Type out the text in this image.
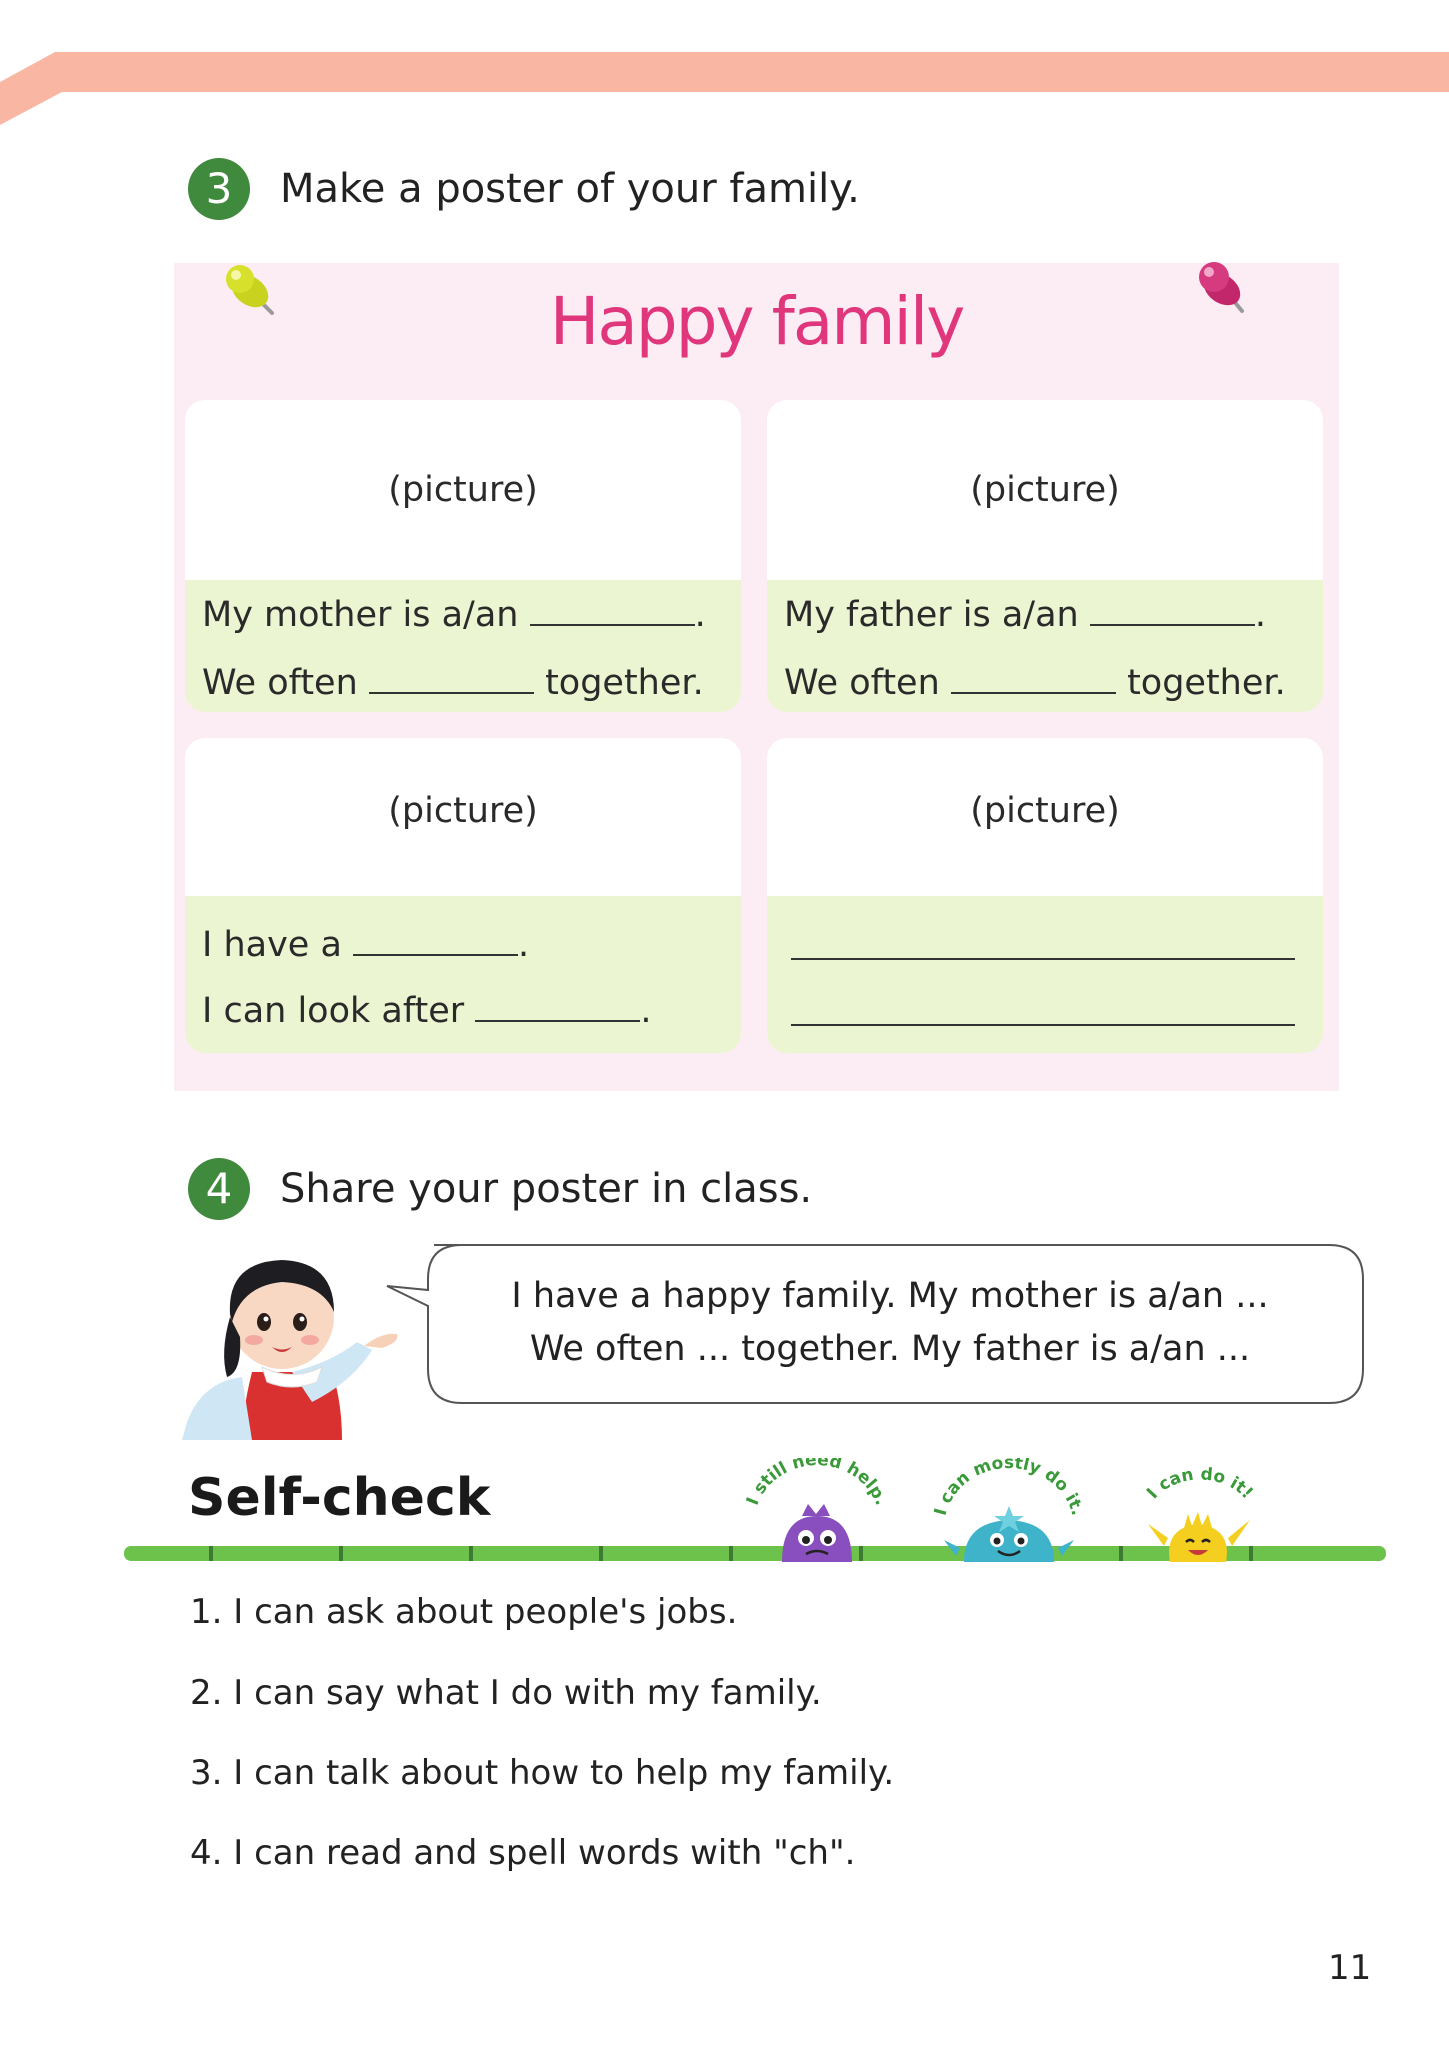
3	Make a poster of your family.
Happy family
(picture)
My mother is a/an	.
We often	together.
(picture)
My father is a/an	.
We often	together.
(picture)
I have a	.
I can look after	.
(picture)
4	Share your poster in class.
I have a happy family. My mother is a/an ...
We often ... together. My father is a/an ...
Self-check	I still need help.	can mostly do it
I can do it!
1. I can ask about people's jobs.
2. I can say what I do with my family.
3. I can talk about how to help my family.
4. I can read and spell words with "ch".
11
